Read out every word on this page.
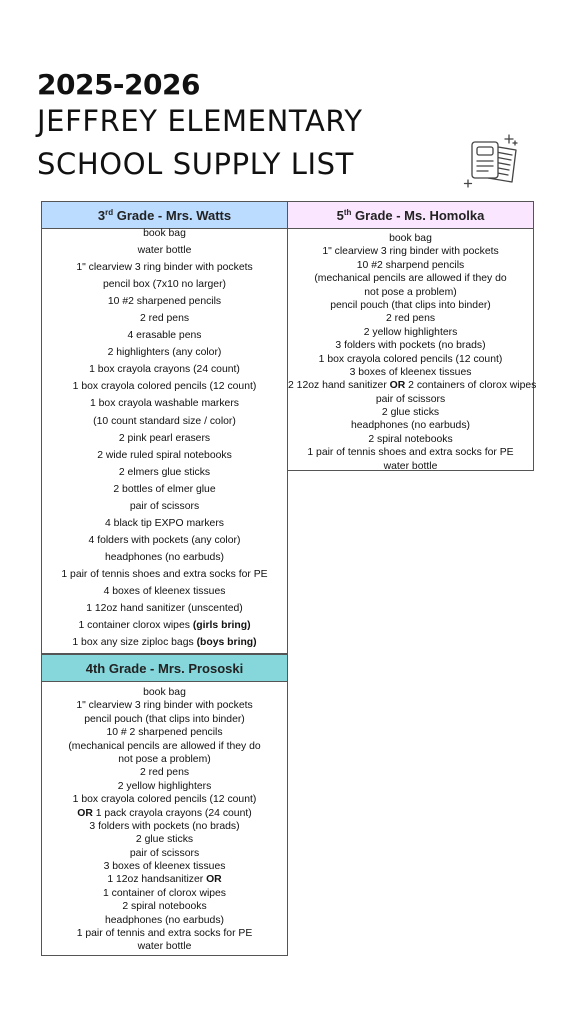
2025-2026
JEFFREY ELEMENTARY
SCHOOL SUPPLY LIST
3rd Grade - Mrs. Watts
book bag
water bottle
1" clearview 3 ring binder with pockets
pencil box (7x10 no larger)
10 #2 sharpened pencils
2 red pens
4 erasable pens
2 highlighters (any color)
1 box crayola crayons (24 count)
1 box crayola colored pencils (12 count)
1 box crayola washable markers
(10 count standard size / color)
2 pink pearl erasers
2 wide ruled spiral notebooks
2 elmers glue sticks
2 bottles of elmer glue
pair of scissors
4 black tip EXPO markers
4 folders with pockets (any color)
headphones (no earbuds)
1 pair of tennis shoes and extra socks for PE
4 boxes of kleenex tissues
1 12oz hand sanitizer (unscented)
1 container clorox wipes (girls bring)
1 box any size ziploc bags (boys bring)
5th Grade - Ms. Homolka
book bag
1" clearview 3 ring binder with pockets
10 #2 sharpend pencils
(mechanical pencils are allowed if they do
not pose a problem)
pencil pouch (that clips into binder)
2 red pens
2 yellow highlighters
3 folders with pockets (no brads)
1 box crayola colored pencils (12 count)
3 boxes of kleenex tissues
2 12oz hand sanitizer OR 2 containers of clorox wipes
pair of scissors
2 glue sticks
headphones (no earbuds)
2 spiral notebooks
1 pair of tennis shoes and extra socks for PE
water bottle
4th Grade - Mrs. Prososki
book bag
1" clearview 3 ring binder with pockets
pencil pouch (that clips into binder)
10 # 2 sharpened pencils
(mechanical pencils are allowed if they do
not pose a problem)
2 red pens
2 yellow highlighters
1 box crayola colored pencils (12 count)
OR 1 pack crayola crayons (24 count)
3 folders with pockets (no brads)
2 glue sticks
pair of scissors
3 boxes of kleenex tissues
1 12oz handsanitizer OR
1 container of clorox wipes
2 spiral notebooks
headphones (no earbuds)
1 pair of tennis and extra socks for PE
water bottle
